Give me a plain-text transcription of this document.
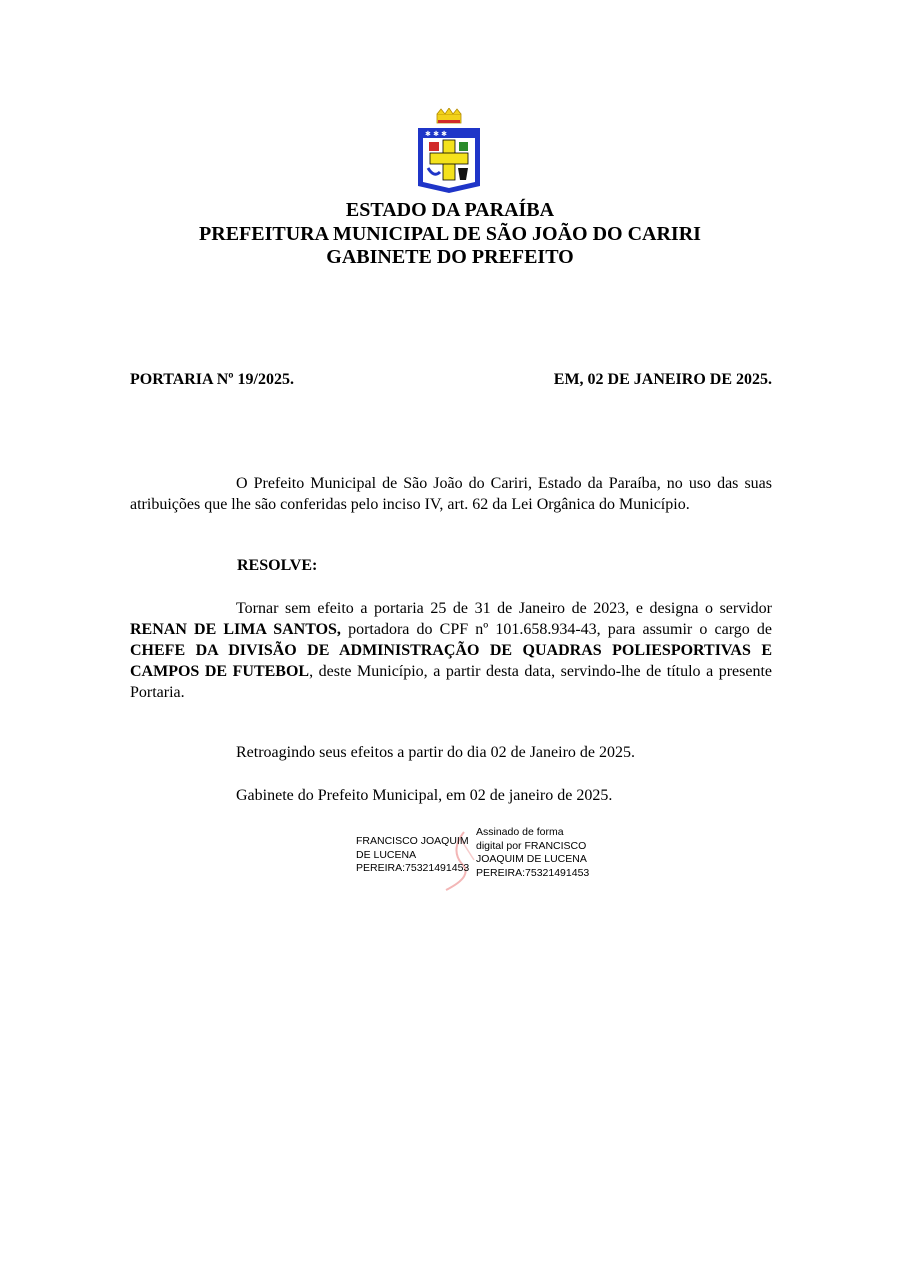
✱ ✱ ✱
ESTADO DA PARAÍBA
PREFEITURA MUNICIPAL DE SÃO JOÃO DO CARIRI
GABINETE DO PREFEITO
PORTARIA Nº 19/2025.	EM, 02 DE JANEIRO DE 2025.
O Prefeito Municipal de São João do Cariri, Estado da Paraíba, no uso das suas atribuições que lhe são conferidas pelo inciso IV, art. 62 da Lei Orgânica do Município.
RESOLVE:
Tornar sem efeito a portaria 25 de 31 de Janeiro de 2023, e designa o servidor RENAN DE LIMA SANTOS, portadora do CPF nº 101.658.934-43, para assumir o cargo de CHEFE DA DIVISÃO DE ADMINISTRAÇÃO DE QUADRAS POLIESPORTIVAS E CAMPOS DE FUTEBOL, deste Município, a partir desta data, servindo-lhe de título a presente Portaria.
Retroagindo seus efeitos a partir do dia 02 de Janeiro de 2025.
Gabinete do Prefeito Municipal, em 02 de janeiro de 2025.
FRANCISCO JOAQUIM
DE LUCENA
PEREIRA:75321491453
Assinado de forma
digital por FRANCISCO
JOAQUIM DE LUCENA
PEREIRA:75321491453
